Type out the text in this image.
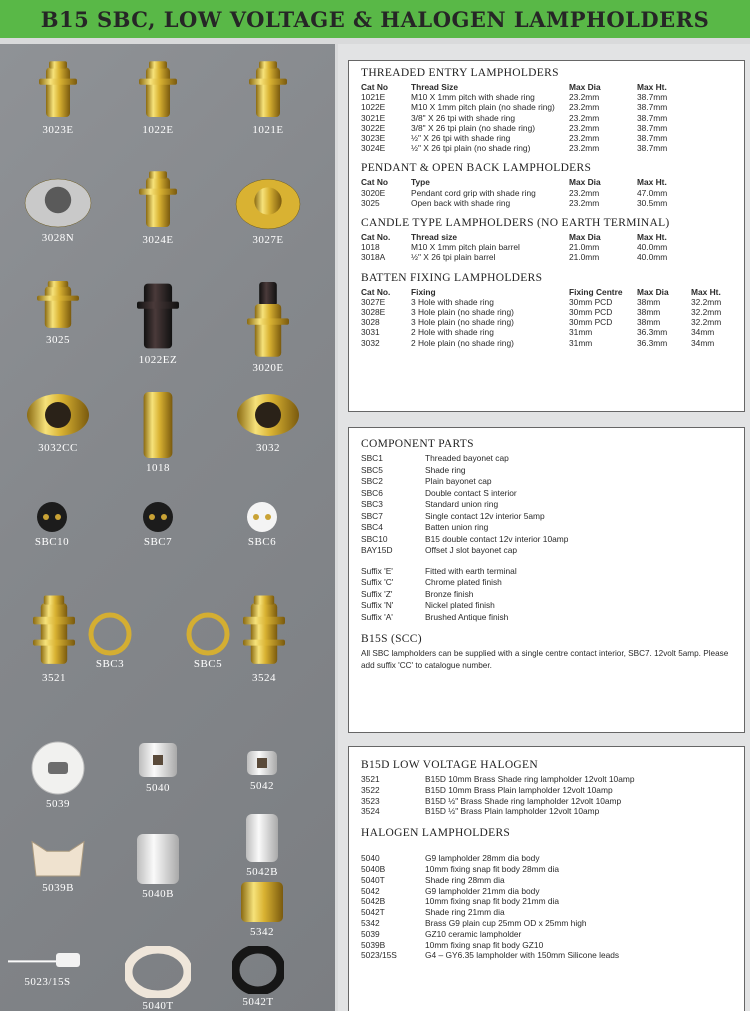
B15 SBC, LOW VOLTAGE & HALOGEN LAMPHOLDERS
3023E	1022E	1021E
3028N	3024E	3027E
3025
1022EZ
3020E
3032CC
1018
3032
SBC10	SBC7	SBC6
SBC3	SBC5
3521	3524
5039
5040	5042
5039B	5040B
5042B
5342
5023/15S
5040T	5042T
THREADED ENTRY LAMPHOLDERS
Cat No	Thread Size	Max Dia	Max Ht.
1021E	M10 X 1mm pitch with shade ring	23.2mm	38.7mm
1022E	M10 X 1mm pitch plain (no shade ring)	23.2mm	38.7mm
3021E	3/8" X 26 tpi with shade ring	23.2mm	38.7mm
3022E	3/8" X 26 tpi plain (no shade ring)	23.2mm	38.7mm
3023E	½" X 26 tpi with shade ring	23.2mm	38.7mm
3024E	½" X 26 tpi plain (no shade ring)	23.2mm	38.7mm
PENDANT & OPEN BACK LAMPHOLDERS
Cat No	Type	Max Dia	Max Ht.
3020E	Pendant cord grip with shade ring	23.2mm	47.0mm
3025	Open back with shade ring	23.2mm	30.5mm
CANDLE TYPE LAMPHOLDERS (NO EARTH TERMINAL)
Cat No.	Thread size	Max Dia	Max Ht.
1018	M10 X 1mm pitch plain barrel	21.0mm	40.0mm
3018A	½" X 26 tpi plain barrel	21.0mm	40.0mm
BATTEN FIXING LAMPHOLDERS
Cat No.	Fixing	Fixing Centre	Max Dia	Max Ht.
3027E	3 Hole with shade ring	30mm PCD	38mm	32.2mm
3028E	3 Hole plain (no shade ring)	30mm PCD	38mm	32.2mm
3028	3 Hole plain (no shade ring)	30mm PCD	38mm	32.2mm
3031	2 Hole with shade ring	31mm	36.3mm	34mm
3032	2 Hole plain (no shade ring)	31mm	36.3mm	34mm
COMPONENT PARTS
SBC1	Threaded bayonet cap
SBC5	Shade ring
SBC2	Plain bayonet cap
SBC6	Double contact S interior
SBC3	Standard union ring
SBC7	Single contact 12v interior 5amp
SBC4	Batten union ring
SBC10	B15 double contact 12v interior 10amp
BAY15D	Offset J slot bayonet cap
Suffix 'E'	Fitted with earth terminal
Suffix 'C'	Chrome plated finish
Suffix 'Z'	Bronze finish
Suffix 'N'	Nickel plated finish
Suffix 'A'	Brushed Antique finish
B15S (SCC)
All SBC lampholders can be supplied with a single centre contact interior, SBC7. 12volt 5amp. Please add suffix 'CC' to catalogue number.
B15D LOW VOLTAGE HALOGEN
3521	B15D 10mm Brass Shade ring lampholder 12volt 10amp
3522	B15D 10mm Brass Plain lampholder 12volt 10amp
3523	B15D ½" Brass Shade ring lampholder 12volt 10amp
3524	B15D ½" Brass Plain lampholder 12volt 10amp
HALOGEN LAMPHOLDERS
5040	G9 lampholder 28mm dia body
5040B	10mm fixing snap fit body 28mm dia
5040T	Shade ring 28mm dia
5042	G9 lampholder 21mm dia body
5042B	10mm fixing snap fit body 21mm dia
5042T	Shade ring 21mm dia
5342	Brass G9 plain cup 25mm OD x 25mm high
5039	GZ10 ceramic lampholder
5039B	10mm fixing snap fit body GZ10
5023/15S	G4 – GY6.35 lampholder with 150mm Silicone leads
